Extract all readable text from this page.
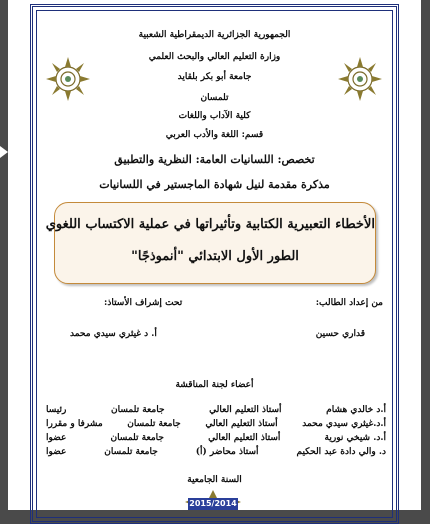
الجمهورية الجزائرية الديمقراطية الشعبية
وزارة التعليم العالي والبحث العلمي
جامعة أبو بكر بلقايد
تلمسان
كلية الآداب واللغات
قسم: اللغة والأدب العربي
تخصص: اللسانيات العامة: النظرية والتطبيق
مذكرة مقدمة لنيل شهادة الماجستير في اللسانيات
الأخطاء التعبيرية الكتابية وتأثيراتها في عملية الاكتساب اللغوي
الطور الأول الابتدائي "أنموذجًا"
من إعداد الطالب:
تحت إشراف الأستاذ:
قداري حسين
أ. د غيثري سيدي محمد
أعضاء لجنة المناقشة
أ.د خالدي هشام
أستاذ التعليم العالي
جامعة تلمسان
رئيسا
أ.د.غيثري سيدي محمد
أستاذ التعليم العالي
جامعة تلمسان
مشرفا و مقررا
أ.د. شيخي نورية
أستاذ التعليم العالي
جامعة تلمسان
عضوا
د. والي دادة عبد الحكيم
أستاذ محاضر (أ)
جامعة تلمسان
عضوا
السنة الجامعية
2015/2014
